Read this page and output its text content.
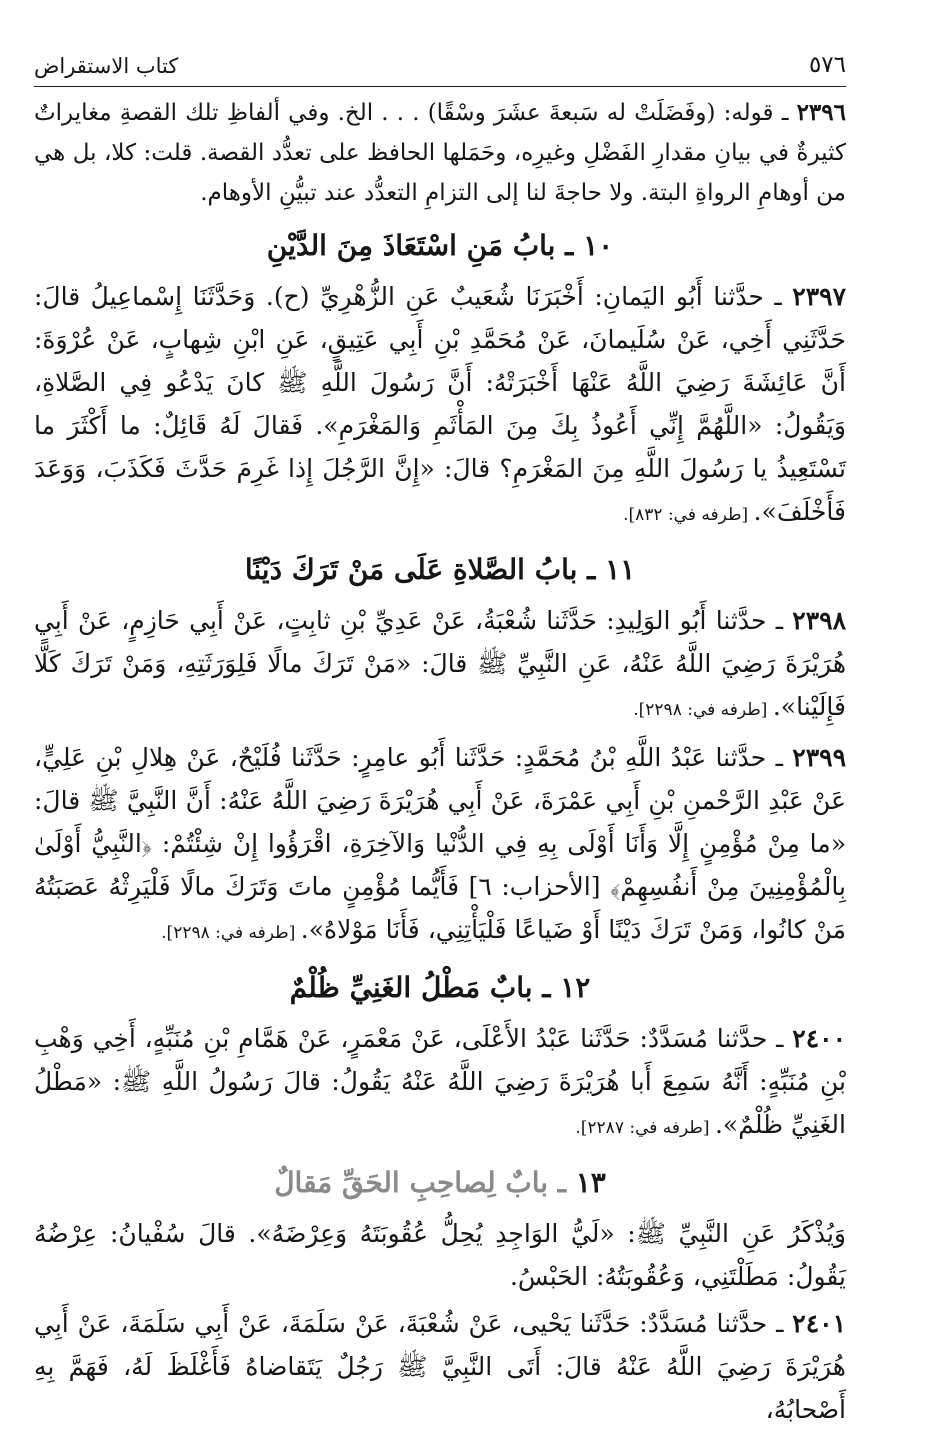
٥٧٦
كتاب الاستقراض

٢٣٩٦ ـ قوله: (وفَضَلَتْ له سَبعةَ عشَرَ وسْقًا) . . . الخ. وفي ألفاظِ تلك القصةِ مغايراتٌ كثيرةٌ في بيانِ مقدارِ الفَضْلِ وغيرِه، وحَمَلها الحافظ على تعدُّد القصة. قلت: كلا، بل هي من أوهامِ الرواةِ البتة. ولا حاجةَ لنا إلى التزامِ التعدُّد عند تبيُّنِ الأوهام.

١٠ ـ بابُ مَنِ اسْتَعَاذَ مِنَ الدَّيْنِ

٢٣٩٧ ـ حدَّثنا أَبُو اليَمانِ: أَخْبَرَنَا شُعَيبٌ عَنِ الزُّهْرِيِّ (ح). وَحَدَّثَنَا إِسْماعِيلُ قالَ: حَدَّثَنِي أَخِي، عَنْ سُلَيمانَ، عَنْ مُحَمَّدِ بْنِ أَبِي عَتِيقٍ، عَنِ ابْنِ شِهابٍ، عَنْ عُرْوَةَ: أَنَّ عَائِشَةَ رَضِيَ اللَّهُ عَنْهَا أَخْبَرَتْهُ: أَنَّ رَسُولَ اللَّهِ ﷺ كانَ يَدْعُو فِي الصَّلاةِ، وَيَقُولُ: «اللَّهُمَّ إِنِّي أَعُوذُ بِكَ مِنَ المَأْثَمِ وَالمَغْرَمِ». فَقالَ لَهُ قَائِلٌ: ما أَكْثَرَ ما تَسْتَعِيذُ يا رَسُولَ اللَّهِ مِنَ المَغْرَمِ؟ قالَ: «إِنَّ الرَّجُلَ إِذا غَرِمَ حَدَّثَ فَكَذَبَ، وَوَعَدَ فَأَخْلَفَ». [طرفه في: ٨٣٢].

١١ ـ بابُ الصَّلاةِ عَلَى مَنْ تَرَكَ دَيْنًا

٢٣٩٨ ـ حدَّثنا أَبُو الوَلِيدِ: حَدَّثَنا شُعْبَةُ، عَنْ عَدِيِّ بْنِ ثابِتٍ، عَنْ أَبِي حَازِمٍ، عَنْ أَبِي هُرَيْرَةَ رَضِيَ اللَّهُ عَنْهُ، عَنِ النَّبِيِّ ﷺ قالَ: «مَنْ تَرَكَ مالًا فَلِوَرَثَتِهِ، وَمَنْ تَرَكَ كَلًّا فَإِلَيْنا». [طرفه في: ٢٢٩٨].

٢٣٩٩ ـ حدَّثنا عَبْدُ اللَّهِ بْنُ مُحَمَّدٍ: حَدَّثَنا أَبُو عامِرٍ: حَدَّثَنا فُلَيْحٌ، عَنْ هِلالِ بْنِ عَلِيٍّ، عَنْ عَبْدِ الرَّحْمنِ بْنِ أَبِي عَمْرَةَ، عَنْ أَبِي هُرَيْرَةَ رَضِيَ اللَّهُ عَنْهُ: أَنَّ النَّبِيَّ ﷺ قالَ: «ما مِنْ مُؤْمِنٍ إِلَّا وَأَنَا أَوْلَى بِهِ فِي الدُّنْيا وَالآخِرَةِ، اقْرَؤُوا إِنْ شِئْتُمْ: ﴿النَّبِيُّ أَوْلَىٰ بِالْمُؤْمِنِينَ مِنْ أَنفُسِهِمْ﴾ [الأحزاب: ٦] فَأَيُّما مُؤْمِنٍ ماتَ وَتَرَكَ مالًا فَلْيَرِثْهُ عَصَبَتُهُ مَنْ كانُوا، وَمَنْ تَرَكَ دَيْنًا أَوْ ضَياعًا فَلْيَأْتِنِي، فَأَنَا مَوْلاهُ». [طرفه في: ٢٢٩٨].

١٢ ـ بابٌ مَطْلُ الغَنِيِّ ظُلْمٌ

٢٤٠٠ ـ حدَّثنا مُسَدَّدٌ: حَدَّثَنا عَبْدُ الأَعْلَى، عَنْ مَعْمَرٍ، عَنْ هَمَّامِ بْنِ مُنَبِّهٍ، أَخِي وَهْبِ بْنِ مُنَبِّهٍ: أَنَّهُ سَمِعَ أَبا هُرَيْرَةَ رَضِيَ اللَّهُ عَنْهُ يَقُولُ: قالَ رَسُولُ اللَّهِ ﷺ: «مَطْلُ الغَنِيِّ ظُلْمٌ». [طرفه في: ٢٢٨٧].

١٣ ـ بابٌ لِصاحِبِ الحَقِّ مَقالٌ

وَيُذْكَرُ عَنِ النَّبِيِّ ﷺ: «لَيُّ الوَاجِدِ يُحِلُّ عُقُوبَتَهُ وَعِرْضَهُ». قالَ سُفْيانُ: عِرْضُهُ يَقُولُ: مَطَلْتَنِي، وَعُقُوبَتُهُ: الحَبْسُ.

٢٤٠١ ـ حدَّثنا مُسَدَّدٌ: حَدَّثَنا يَحْيى، عَنْ شُعْبَةَ، عَنْ سَلَمَةَ، عَنْ أَبِي سَلَمَةَ، عَنْ أَبِي هُرَيْرَةَ رَضِيَ اللَّهُ عَنْهُ قالَ: أَتَى النَّبِيَّ ﷺ رَجُلٌ يَتَقاضاهُ فَأَغْلَظَ لَهُ، فَهَمَّ بِهِ أَصْحابُهُ،
